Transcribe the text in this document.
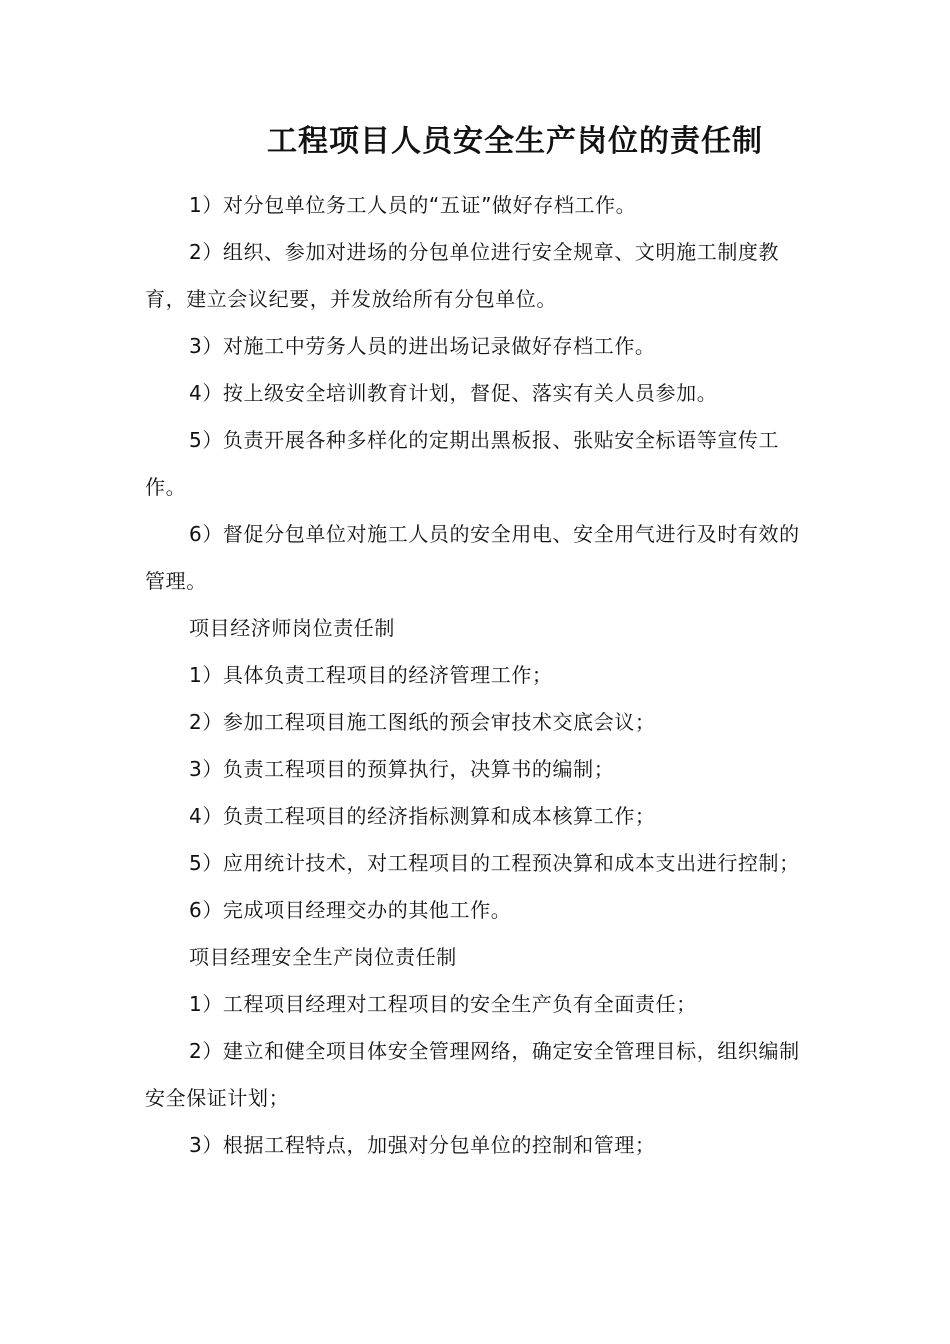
工程项目人员安全生产岗位的责任制

1）对分包单位务工人员的“五证”做好存档工作。

2）组织、参加对进场的分包单位进行安全规章、文明施工制度教育，建立会议纪要，并发放给所有分包单位。

3）对施工中劳务人员的进出场记录做好存档工作。

4）按上级安全培训教育计划，督促、落实有关人员参加。

5）负责开展各种多样化的定期出黑板报、张贴安全标语等宣传工作。

6）督促分包单位对施工人员的安全用电、安全用气进行及时有效的管理。

项目经济师岗位责任制

1）具体负责工程项目的经济管理工作；

2）参加工程项目施工图纸的预会审技术交底会议；

3）负责工程项目的预算执行，决算书的编制；

4）负责工程项目的经济指标测算和成本核算工作；

5）应用统计技术，对工程项目的工程预决算和成本支出进行控制；

6）完成项目经理交办的其他工作。

项目经理安全生产岗位责任制

1）工程项目经理对工程项目的安全生产负有全面责任；

2）建立和健全项目体安全管理网络，确定安全管理目标，组织编制安全保证计划；

3）根据工程特点，加强对分包单位的控制和管理；
